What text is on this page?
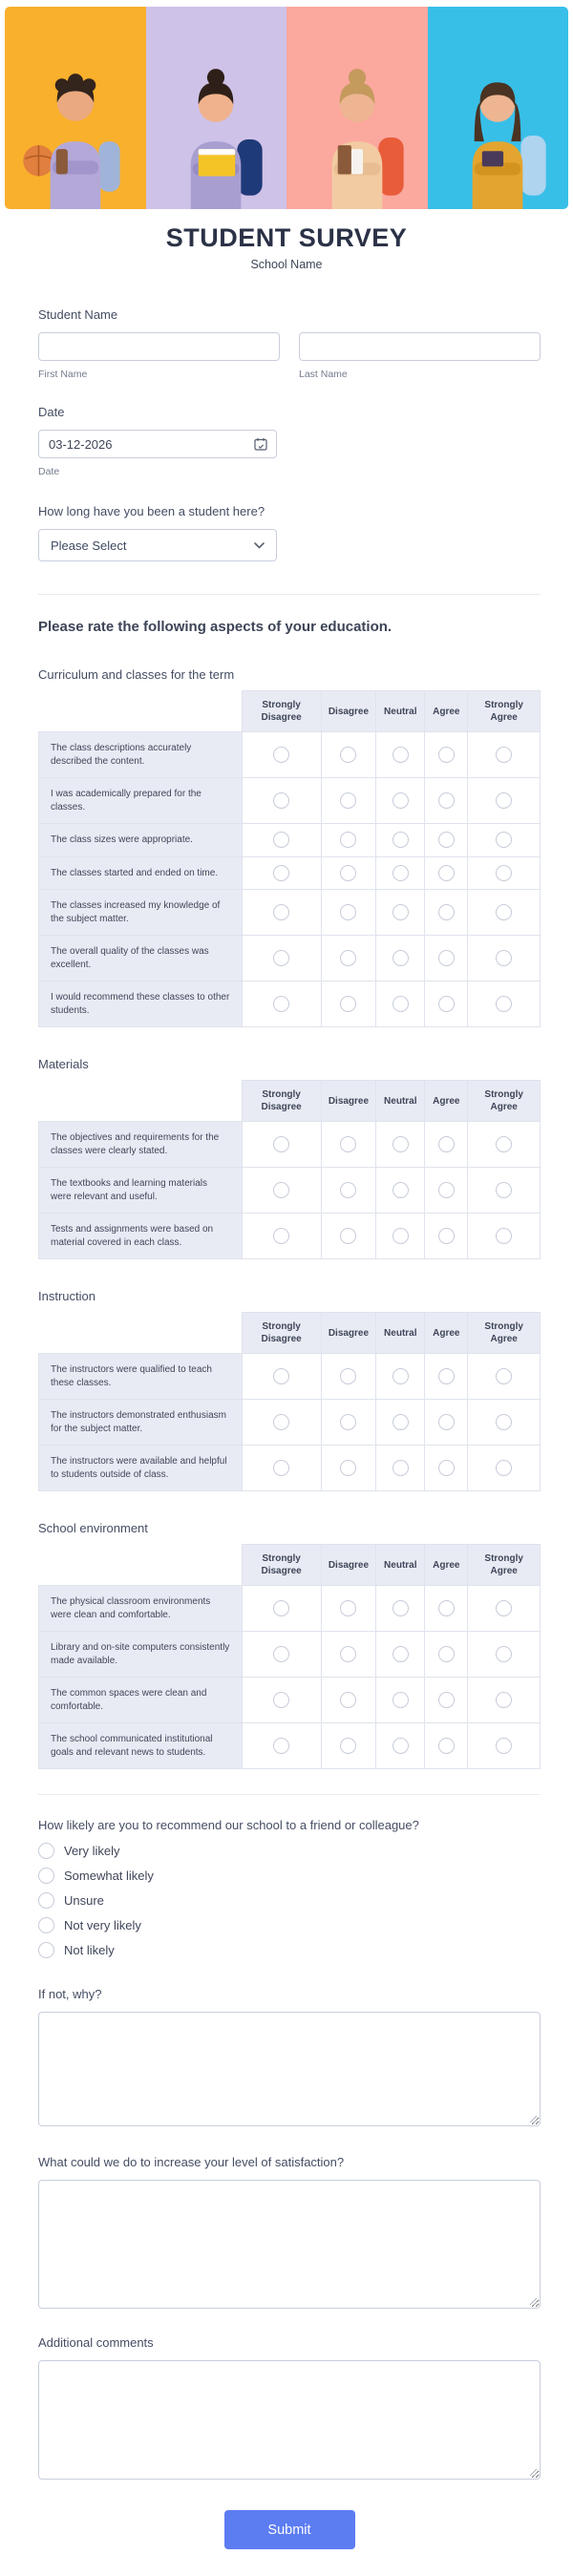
STUDENT SURVEY
School Name
Student Name
First Name	Last Name
Date
03-12-2026
Date
How long have you been a student here?
Please Select
Please rate the following aspects of your education.
Curriculum and classes for the term
	Strongly Disagree	Disagree	Neutral	Agree	Strongly Agree
The class descriptions accurately described the content.					
I was academically prepared for the classes.					
The class sizes were appropriate.					
The classes started and ended on time.					
The classes increased my knowledge of the subject matter.					
The overall quality of the classes was excellent.					
I would recommend these classes to other students.					
Materials
	Strongly Disagree	Disagree	Neutral	Agree	Strongly Agree
The objectives and requirements for the classes were clearly stated.					
The textbooks and learning materials were relevant and useful.					
Tests and assignments were based on material covered in each class.					
Instruction
	Strongly Disagree	Disagree	Neutral	Agree	Strongly Agree
The instructors were qualified to teach these classes.					
The instructors demonstrated enthusiasm for the subject matter.					
The instructors were available and helpful to students outside of class.					
School environment
	Strongly Disagree	Disagree	Neutral	Agree	Strongly Agree
The physical classroom environments were clean and comfortable.					
Library and on-site computers consistently made available.					
The common spaces were clean and comfortable.					
The school communicated institutional goals and relevant news to students.					
How likely are you to recommend our school to a friend or colleague?
Very likely
Somewhat likely
Unsure
Not very likely
Not likely
If not, why?
What could we do to increase your level of satisfaction?
Additional comments
Submit
